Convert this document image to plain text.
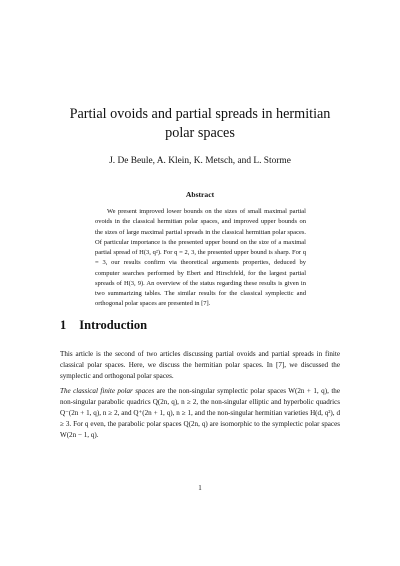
Partial ovoids and partial spreads in hermitian polar spaces
J. De Beule, A. Klein, K. Metsch, and L. Storme
Abstract
We present improved lower bounds on the sizes of small maximal partial ovoids in the classical hermitian polar spaces, and improved upper bounds on the sizes of large maximal partial spreads in the classical hermitian polar spaces. Of particular importance is the presented upper bound on the size of a maximal partial spread of H(3, q²). For q = 2, 3, the presented upper bound is sharp. For q = 3, our results confirm via theoretical arguments properties, deduced by computer searches performed by Ebert and Hirschfeld, for the largest partial spreads of H(3, 9). An overview of the status regarding these results is given in two summarizing tables. The similar results for the classical symplectic and orthogonal polar spaces are presented in [7].
1 Introduction
This article is the second of two articles discussing partial ovoids and partial spreads in finite classical polar spaces. Here, we discuss the hermitian polar spaces. In [7], we discussed the symplectic and orthogonal polar spaces.
The classical finite polar spaces are the non-singular symplectic polar spaces W(2n + 1, q), the non-singular parabolic quadrics Q(2n, q), n ≥ 2, the non-singular elliptic and hyperbolic quadrics Q⁻(2n + 1, q), n ≥ 2, and Q⁺(2n + 1, q), n ≥ 1, and the non-singular hermitian varieties H(d, q²), d ≥ 3. For q even, the parabolic polar spaces Q(2n, q) are isomorphic to the symplectic polar spaces W(2n − 1, q).
1
